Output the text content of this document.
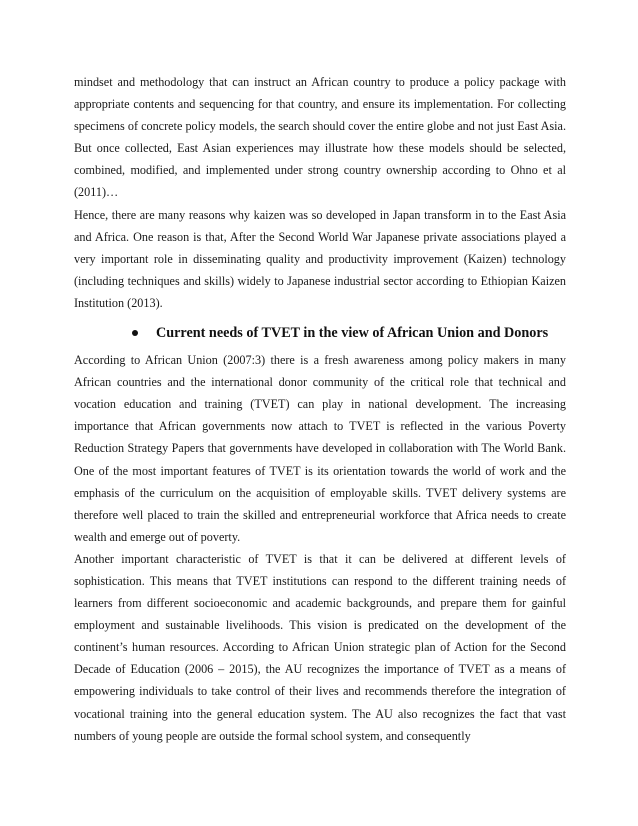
mindset and methodology that can instruct an African country to produce a policy package with appropriate contents and sequencing for that country, and ensure its implementation. For collecting specimens of concrete policy models, the search should cover the entire globe and not just East Asia. But once collected, East Asian experiences may illustrate how these models should be selected, combined, modified, and implemented under strong country ownership according to Ohno et al (2011)…

Hence, there are many reasons why kaizen was so developed in Japan transform in to the East Asia and Africa. One reason is that, After the Second World War Japanese private associations played a very important role in disseminating quality and productivity improvement (Kaizen) technology (including techniques and skills) widely to Japanese industrial sector according to Ethiopian Kaizen Institution (2013).

Current needs of TVET in the view of African Union and Donors

According to African Union (2007:3) there is a fresh awareness among policy makers in many African countries and the international donor community of the critical role that technical and vocation education and training (TVET) can play in national development. The increasing importance that African governments now attach to TVET is reflected in the various Poverty Reduction Strategy Papers that governments have developed in collaboration with The World Bank. One of the most important features of TVET is its orientation towards the world of work and the emphasis of the curriculum on the acquisition of employable skills. TVET delivery systems are therefore well placed to train the skilled and entrepreneurial workforce that Africa needs to create wealth and emerge out of poverty.

Another important characteristic of TVET is that it can be delivered at different levels of sophistication. This means that TVET institutions can respond to the different training needs of learners from different socioeconomic and academic backgrounds, and prepare them for gainful employment and sustainable livelihoods. This vision is predicated on the development of the continent’s human resources. According to African Union strategic plan of Action for the Second Decade of Education (2006 – 2015), the AU recognizes the importance of TVET as a means of empowering individuals to take control of their lives and recommends therefore the integration of vocational training into the general education system. The AU also recognizes the fact that vast numbers of young people are outside the formal school system, and consequently
